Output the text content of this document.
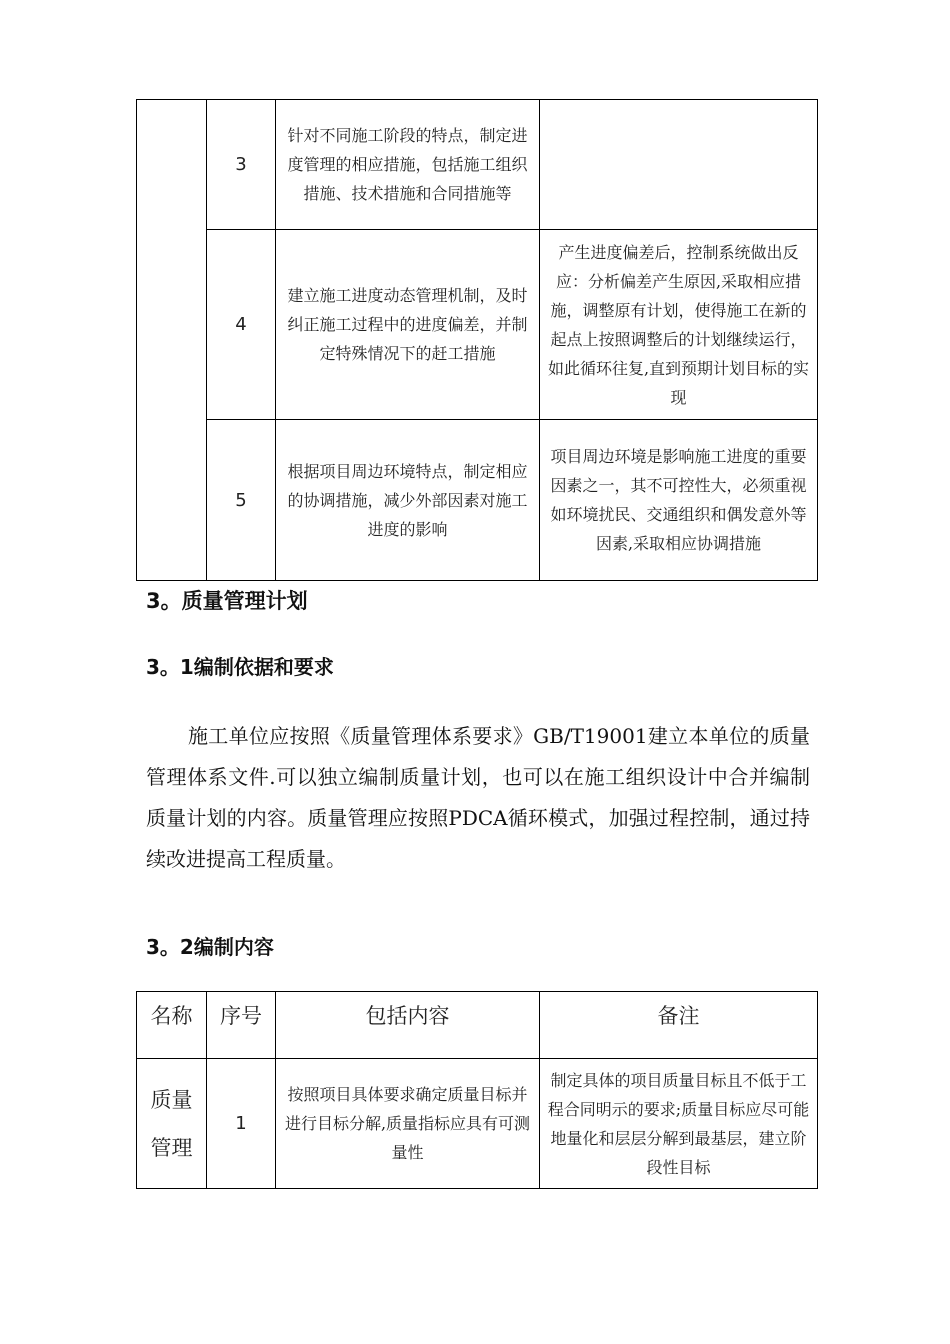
	3	针对不同施工阶段的特点，制定进度管理的相应措施，包括施工组织措施、技术措施和合同措施等	

	4	建立施工进度动态管理机制，及时纠正施工过程中的进度偏差，并制定特殊情况下的赶工措施	产生进度偏差后，控制系统做出反应：分析偏差产生原因,采取相应措施，调整原有计划，使得施工在新的起点上按照调整后的计划继续运行，如此循环往复,直到预期计划目标的实现

	5	根据项目周边环境特点，制定相应的协调措施，减少外部因素对施工进度的影响	项目周边环境是影响施工进度的重要因素之一，其不可控性大，必须重视如环境扰民、交通组织和偶发意外等因素,采取相应协调措施
3。质量管理计划
3。1编制依据和要求

施工单位应按照《质量管理体系要求》GB/T19001建立本单位的质量管理体系文件.可以独立编制质量计划，也可以在施工组织设计中合并编制质量计划的内容。质量管理应按照PDCA循环模式，加强过程控制，通过持续改进提高工程质量。

3。2编制内容
名称	序号	包括内容	备注

质量管理	1	按照项目具体要求确定质量目标并进行目标分解,质量指标应具有可测量性	制定具体的项目质量目标且不低于工程合同明示的要求;质量目标应尽可能地量化和层层分解到最基层，建立阶段性目标
